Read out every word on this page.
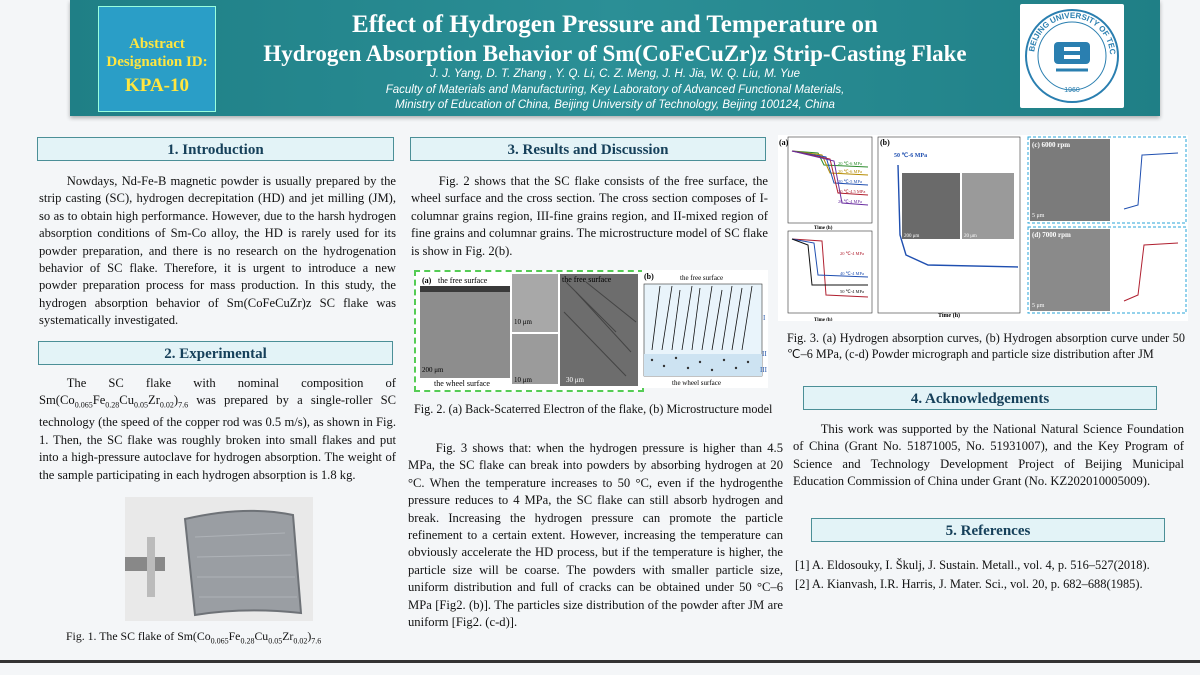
Abstract
Designation ID:
KPA-10
Effect of Hydrogen Pressure and Temperature on
Hydrogen Absorption Behavior of Sm(CoFeCuZr)z Strip-Casting Flake
J. J. Yang, D. T. Zhang , Y. Q. Li, C. Z. Meng, J. H. Jia, W. Q. Liu, M. Yue
Faculty of Materials and Manufacturing, Key Laboratory of Advanced Functional Materials,
Ministry of Education of China, Beijing University of Technology, Beijing 100124, China
BEIJING UNIVERSITY OF TEC
1960
1. Introduction

Nowdays, Nd-Fe-B magnetic powder is usually prepared by the strip casting (SC), hydrogen decrepitation (HD) and jet milling (JM), so as to obtain high performance. However, due to the harsh hydrogen absorption conditions of Sm-Co alloy, the HD is rarely used for its powder preparation, and there is no research on the hydrogenation behavior of SC flake. Therefore, it is urgent to introduce a new powder preparation process for mass production. In this study, the hydrogen absorption behavior of Sm(CoFeCuZr)z SC flake was systematically investigated.

2. Experimental

The SC flake with nominal composition of $Sm(Co_{0.065}Fe_{0.28}Cu_{0.05}Zr_{0.02})_{7.6}$ was prepared by a single-roller SC technology (the speed of the copper rod was 0.5 m/s), as shown in Fig. 1. Then, the SC flake was roughly broken into small flakes and put into a high-pressure autoclave for hydrogen absorption. The weight of the sample participating in each hydrogen absorption is 1.8 kg.

Fig. 1. The SC flake of $Sm(Co_{0.065}Fe_{0.28}Cu_{0.05}Zr_{0.02})_{7.6}$
3. Results and Discussion

Fig. 2 shows that the SC flake consists of the free surface, the wheel surface and the cross section. The cross section composes of I-columnar grains region, III-fine grains region, and II-mixed region of fine grains and columnar grains. The microstructure model of SC flake is show in Fig. 2(b).

(a) the free surface	the free surface
the wheel surface
10 μm
10 μm
200 μm
30 μm
(b)	the free surface
I
II
III
the wheel surface
Fig. 2. (a) Back-Scaterred Electron of the flake, (b) Microstructure model

Fig. 3 shows that: when the hydrogen pressure is higher than 4.5 MPa, the SC flake can break into powders by absorbing hydrogen at 20 °C. When the temperature increases to 50 °C, even if the hydrogenthe pressure reduces to 4 MPa, the SC flake can still absorb hydrogen and break. Increasing the hydrogen pressure can promote the particle refinement to a certain extent. However, increasing the temperature can obviously accelerate the HD process, but if the temperature is higher, the particle size will be coarse. The powders with smaller particle size, uniform distribution and full of cracks can be obtained under 50 °C–6 MPa [Fig2. (b)]. The particles size distribution of the powder after JM are uniform [Fig2. (c-d)].

(a)
20 ℃-6 MPa
20 ℃-6 MPa
20 ℃-5 MPa
20 ℃-4.5 MPa
20 ℃-4 MPa
20 ℃-4 MPa
40 ℃-4 MPa
50 ℃-4 MPa
Time (h)
Time (h)
(b)
50 ℃-6 MPa
200 μm	20 μm
Time (h)
(c) 6000 rpm
5 μm
(d) 7000 rpm
5 μm
Fig. 3. (a) Hydrogen absorption curves, (b) Hydrogen absorption curve under 50 ℃–6 MPa, (c-d) Powder micrograph and particle size distribution after JM
4. Acknowledgements

This work was supported by the National Natural Science Foundation of China (Grant No. 51871005, No. 51931007), and the Key Program of Science and Technology Development Project of Beijing Municipal Education Commission of China under Grant (No. KZ202010005009).

5. References
[1] A. Eldosouky, I. Škulj, J. Sustain. Metall., vol. 4, p. 516–527(2018).
[2] A. Kianvash, I.R. Harris, J. Mater. Sci., vol. 20, p. 682–688(1985).
